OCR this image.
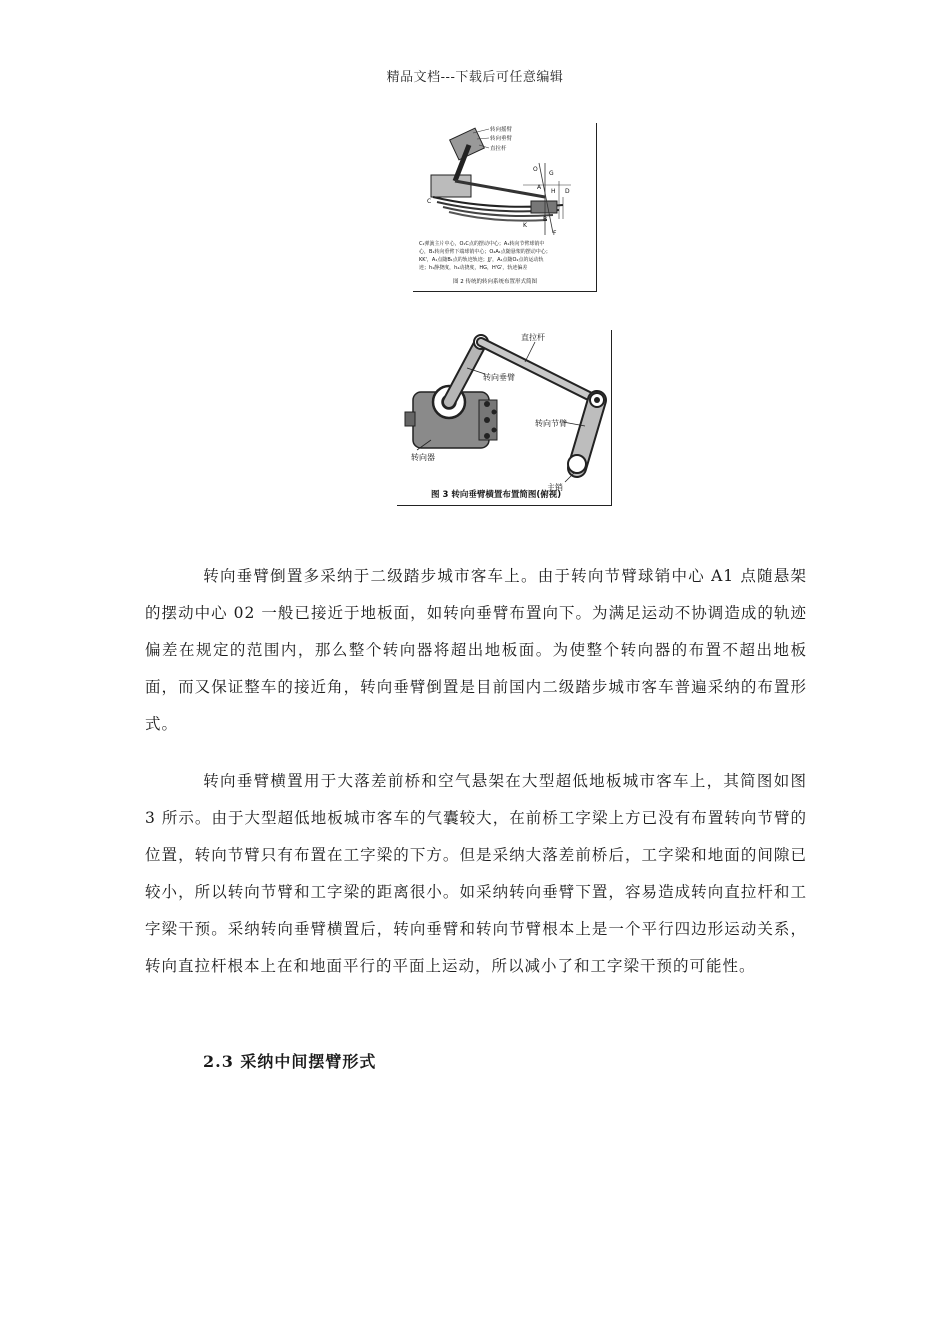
精品文档---下载后可任意编辑
转向摇臂
转向垂臂
直拉杆
C
O
G
A
H
B
K
D
F
C₁弹簧主片中心，O₁C点的摆动中心；A₁转向节臂球销中
心，B₁转向垂臂下端球销中心；O₂A₁点随悬架的摆动中心；
KK'，A₁点随B₁点的轨迹轨迹；JJ'，A₁点随O₂点的运动轨
迹；h₁静挠度，h₂动挠度，HG，H'G'，轨迹偏差
图 2 传统的转向系统布置形式简图
直拉杆
转向垂臂
转向节臂
转向器
主销
图 3 转向垂臂横置布置简图(俯视)

转向垂臂倒置多采纳于二级踏步城市客车上。由于转向节臂球销中心 A1 点随悬架的摆动中心 02 一般已接近于地板面，如转向垂臂布置向下。为满足运动不协调造成的轨迹偏差在规定的范围内，那么整个转向器将超出地板面。为使整个转向器的布置不超出地板面，而又保证整车的接近角，转向垂臂倒置是目前国内二级踏步城市客车普遍采纳的布置形式。

转向垂臂横置用于大落差前桥和空气悬架在大型超低地板城市客车上，其简图如图 3 所示。由于大型超低地板城市客车的气囊较大，在前桥工字梁上方已没有布置转向节臂的位置，转向节臂只有布置在工字梁的下方。但是采纳大落差前桥后，工字梁和地面的间隙已较小，所以转向节臂和工字梁的距离很小。如采纳转向垂臂下置，容易造成转向直拉杆和工字梁干预。采纳转向垂臂横置后，转向垂臂和转向节臂根本上是一个平行四边形运动关系，转向直拉杆根本上在和地面平行的平面上运动，所以减小了和工字梁干预的可能性。

2.3 采纳中间摆臂形式
